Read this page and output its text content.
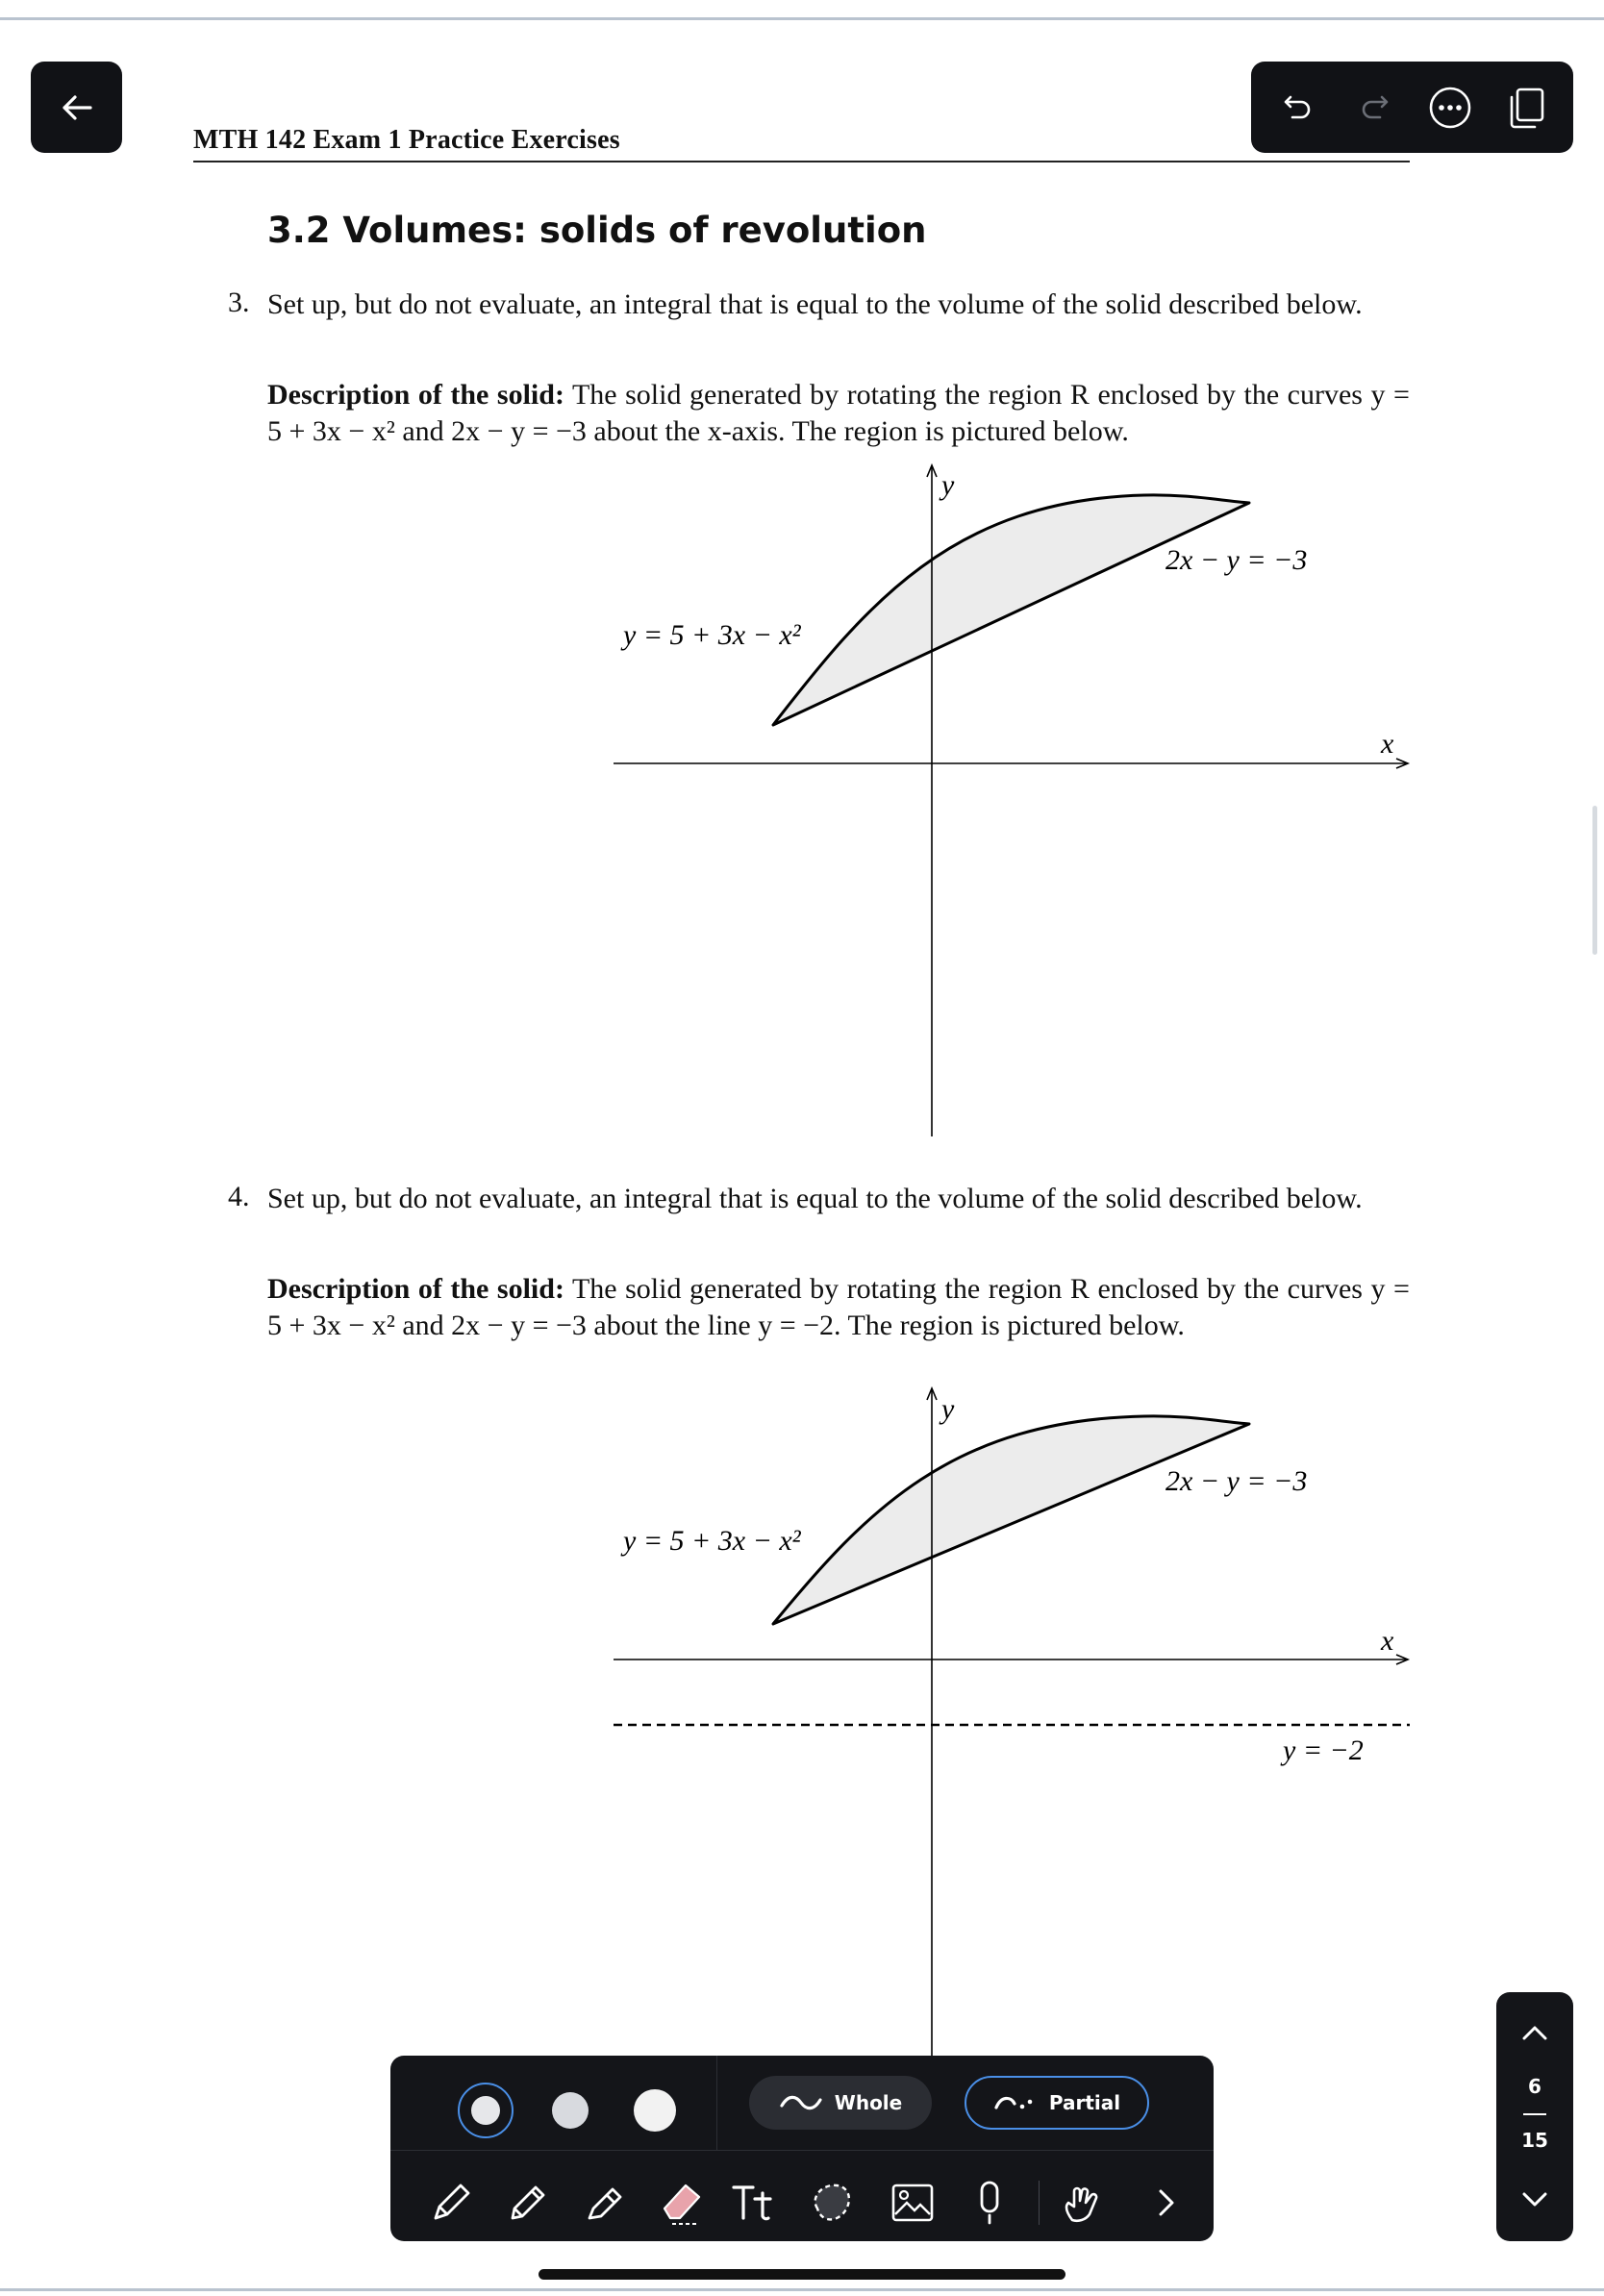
MTH 142 Exam 1 Practice Exercises
3.2 Volumes: solids of revolution
3. Set up, but do not evaluate, an integral that is equal to the volume of the solid described below.
Description of the solid: The solid generated by rotating the region R enclosed by the curves y = 5 + 3x − x² and 2x − y = −3 about the x-axis. The region is pictured below.
y
x
y = 5 + 3x − x²
2x − y = −3
4. Set up, but do not evaluate, an integral that is equal to the volume of the solid described below.
Description of the solid: The solid generated by rotating the region R enclosed by the curves y = 5 + 3x − x² and 2x − y = −3 about the line y = −2. The region is pictured below.
y
x
y = 5 + 3x − x²
2x − y = −3
y = −2
Whole	Partial
6
15
